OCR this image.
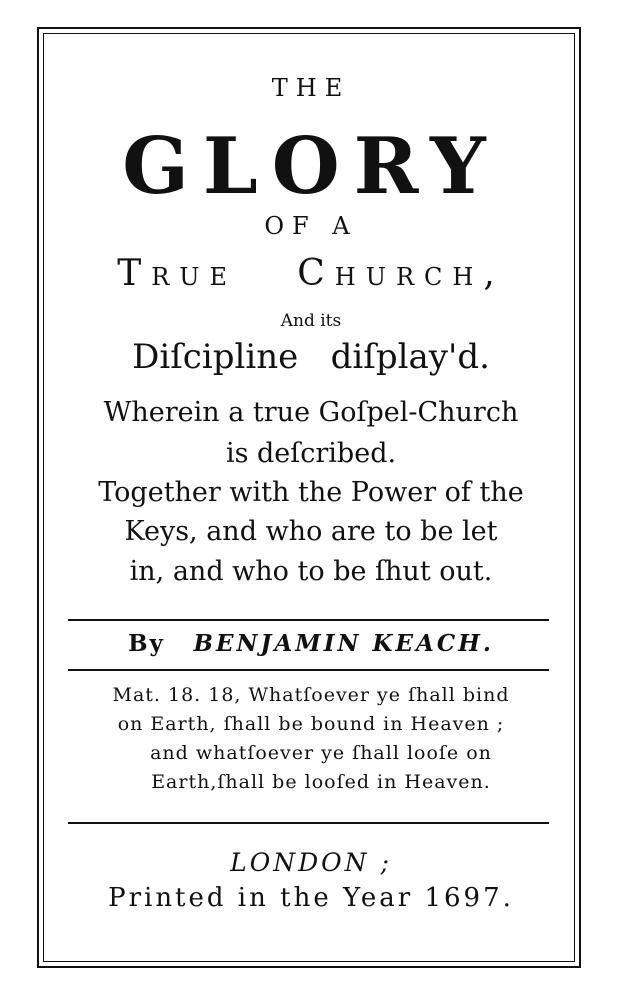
THE
GLORY
OF A
TRUE CHURCH,
And its
Diſcipline   diſplay'd.
Wherein a true Goſpel-Church
is deſcribed.
Together with the Power of the
Keys, and who are to be let
in, and who to be ſhut out.
By BENJAMIN KEACH.
Mat. 18. 18, Whatſoever ye ſhall bind
on Earth, ſhall be bound in Heaven ;
and whatſoever ye ſhall looſe on
Earth,ſhall be looſed in Heaven.
LONDON ;
Printed in the Year 1697.
